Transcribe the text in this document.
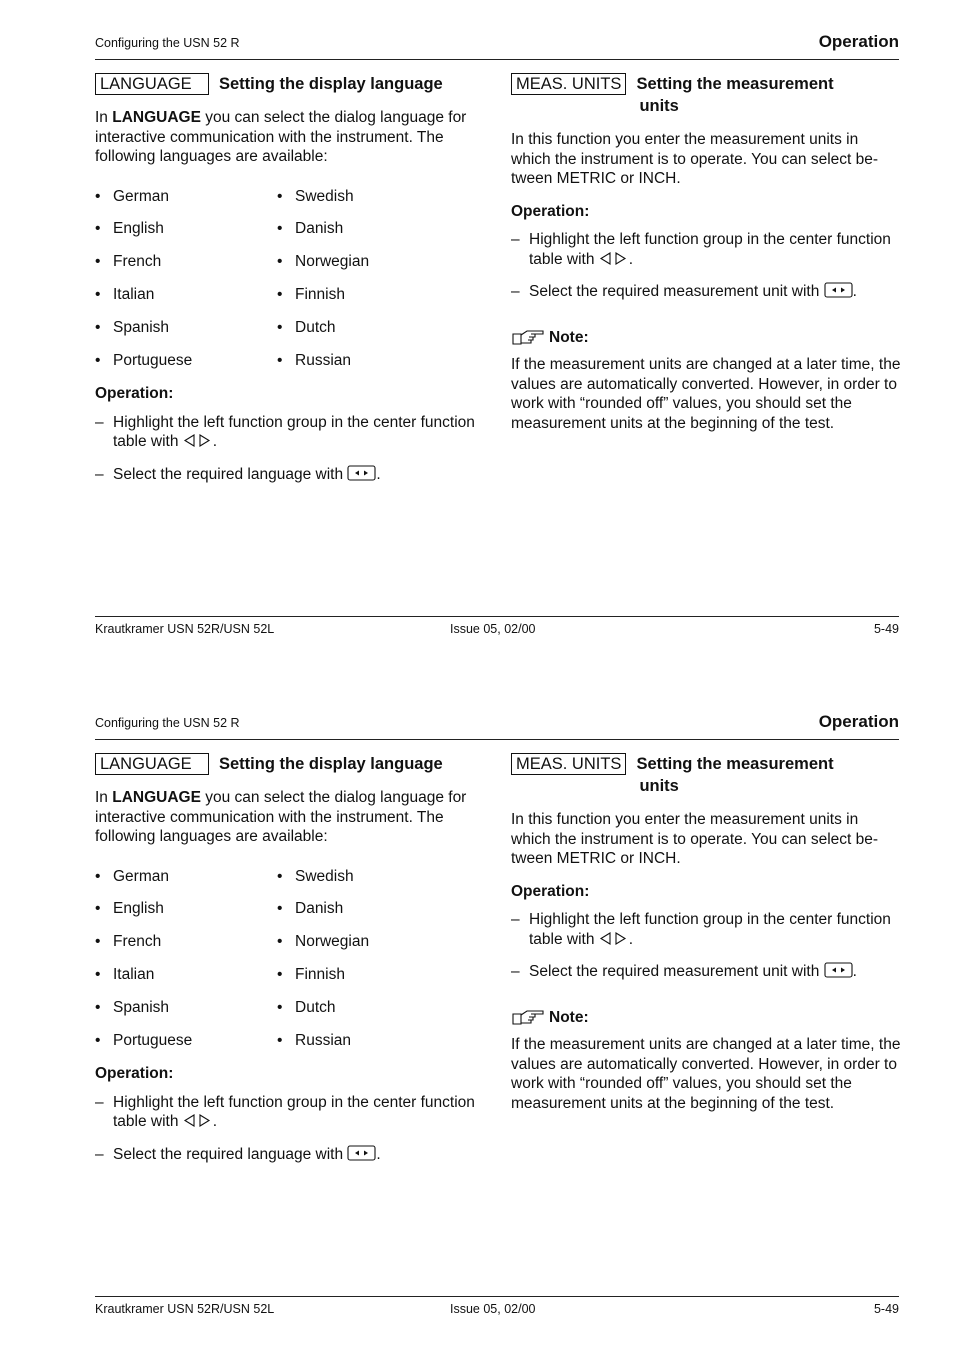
Configuring the USN 52 R	Operation
LANGUAGE	Setting the display language

In LANGUAGE you can select the dialog language for interactive communication with the instrument. The following languages are available:

• German	• Swedish
• English	• Danish
• French	• Norwegian
• Italian	• Finnish
• Spanish	• Dutch
• Portuguese	• Russian
Operation:
– Highlight the left function group in the center function table with .
– Select the required language with .
MEAS. UNITS Setting the measurement
units

In this function you enter the measurement units in which the instrument is to operate. You can select be-tween METRIC or INCH.

Operation:
– Highlight the left function group in the center function table with .
– Select the required measurement unit with .
Note:

If the measurement units are changed at a later time, the values are automatically converted. However, in order to work with “rounded off” values, you should set the measurement units at the beginning of the test.

Krautkramer USN 52R/USN 52L	Issue 05, 02/00	5-49
Configuring the USN 52 R	Operation
LANGUAGE	Setting the display language

In LANGUAGE you can select the dialog language for interactive communication with the instrument. The following languages are available:

• German	• Swedish
• English	• Danish
• French	• Norwegian
• Italian	• Finnish
• Spanish	• Dutch
• Portuguese	• Russian
Operation:
– Highlight the left function group in the center function table with .
– Select the required language with .
MEAS. UNITS Setting the measurement
units

In this function you enter the measurement units in which the instrument is to operate. You can select be-tween METRIC or INCH.

Operation:
– Highlight the left function group in the center function table with .
– Select the required measurement unit with .
Note:

If the measurement units are changed at a later time, the values are automatically converted. However, in order to work with “rounded off” values, you should set the measurement units at the beginning of the test.

Krautkramer USN 52R/USN 52L	Issue 05, 02/00	5-49
